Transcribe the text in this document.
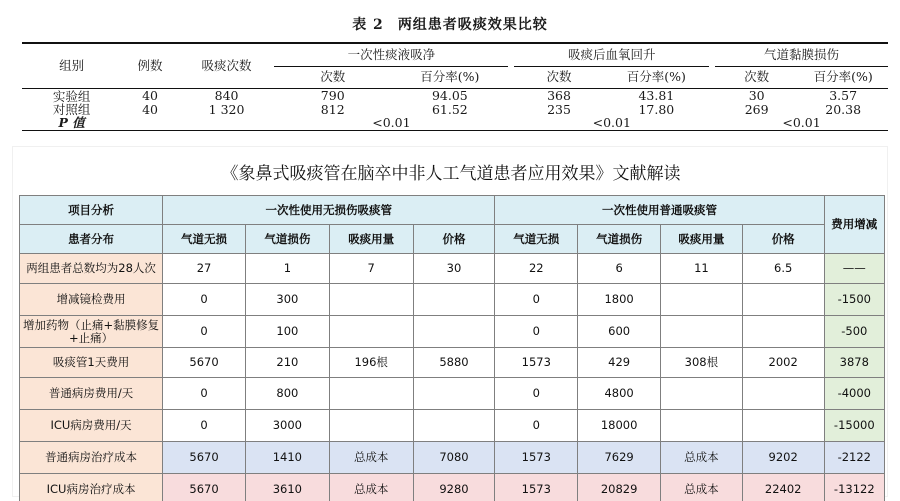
表 2 两组患者吸痰效果比较
组别	例数	吸痰次数	一次性痰液吸净			吸痰后血氧回升			气道黏膜损伤	
			次数	百分率(%)		次数	百分率(%)		次数	百分率(%)
实验组	40	840	790	94.05		368	43.81		30	3.57
对照组	40	1 320	812	61.52		235	17.80		269	20.38
P 值			<0.01			<0.01			<0.01	
《象鼻式吸痰管在脑卒中非人工气道患者应用效果》文献解读
项目分析	一次性使用无损伤吸痰管				一次性使用普通吸痰管				费用增减
患者分布	气道无损	气道损伤	吸痰用量	价格	气道无损	气道损伤	吸痰用量	价格	
两组患者总数均为28人次	27	1	7	30	22	6	11	6.5	——
增减镜检费用	0	300			0	1800			-1500
增加药物（止痛+黏膜修复+止痛）	0	100			0	600			-500
吸痰管1天费用	5670	210	196根	5880	1573	429	308根	2002	3878
普通病房费用/天	0	800			0	4800			-4000
ICU病房费用/天	0	3000			0	18000			-15000
普通病房治疗成本	5670	1410	总成本	7080	1573	7629	总成本	9202	-2122
ICU病房治疗成本	5670	3610	总成本	9280	1573	20829	总成本	22402	-13122
